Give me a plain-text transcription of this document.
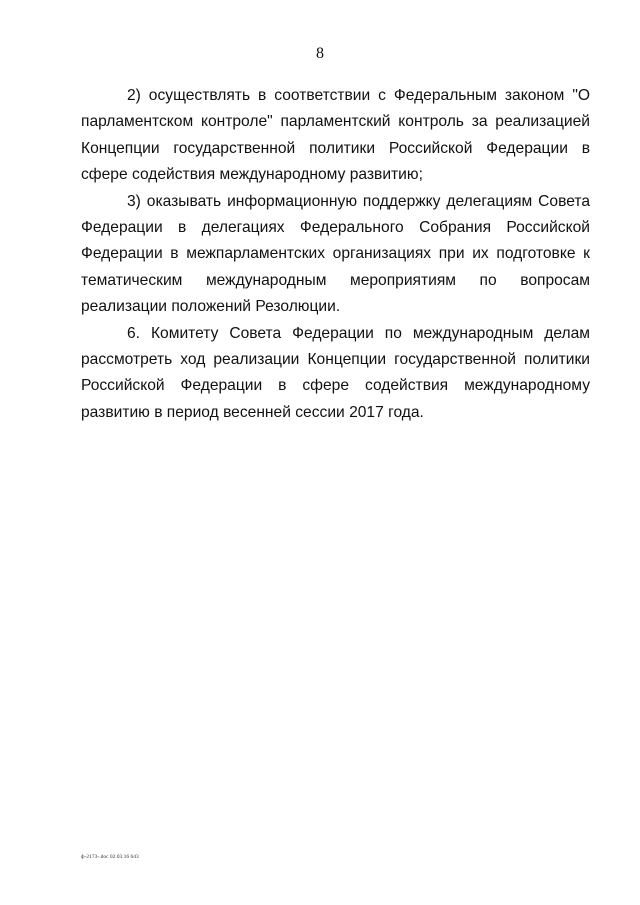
8

2) осуществлять в соответствии с Федеральным законом "О парламентском контроле" парламентский контроль за реализацией Концепции государственной политики Российской Федерации в сфере содействия международному развитию;

3) оказывать информационную поддержку делегациям Совета Федерации в делегациях Федерального Собрания Российской Федерации в межпарламентских организациях при их подготовке к тематическим международным мероприятиям по вопросам реализации положений Резолюции.

6. Комитету Совета Федерации по международным делам рассмотреть ход реализации Концепции государственной политики Российской Федерации в сфере содействия международному развитию в период весенней сессии 2017 года.

ф-2173-.doc 02.03.16 643
